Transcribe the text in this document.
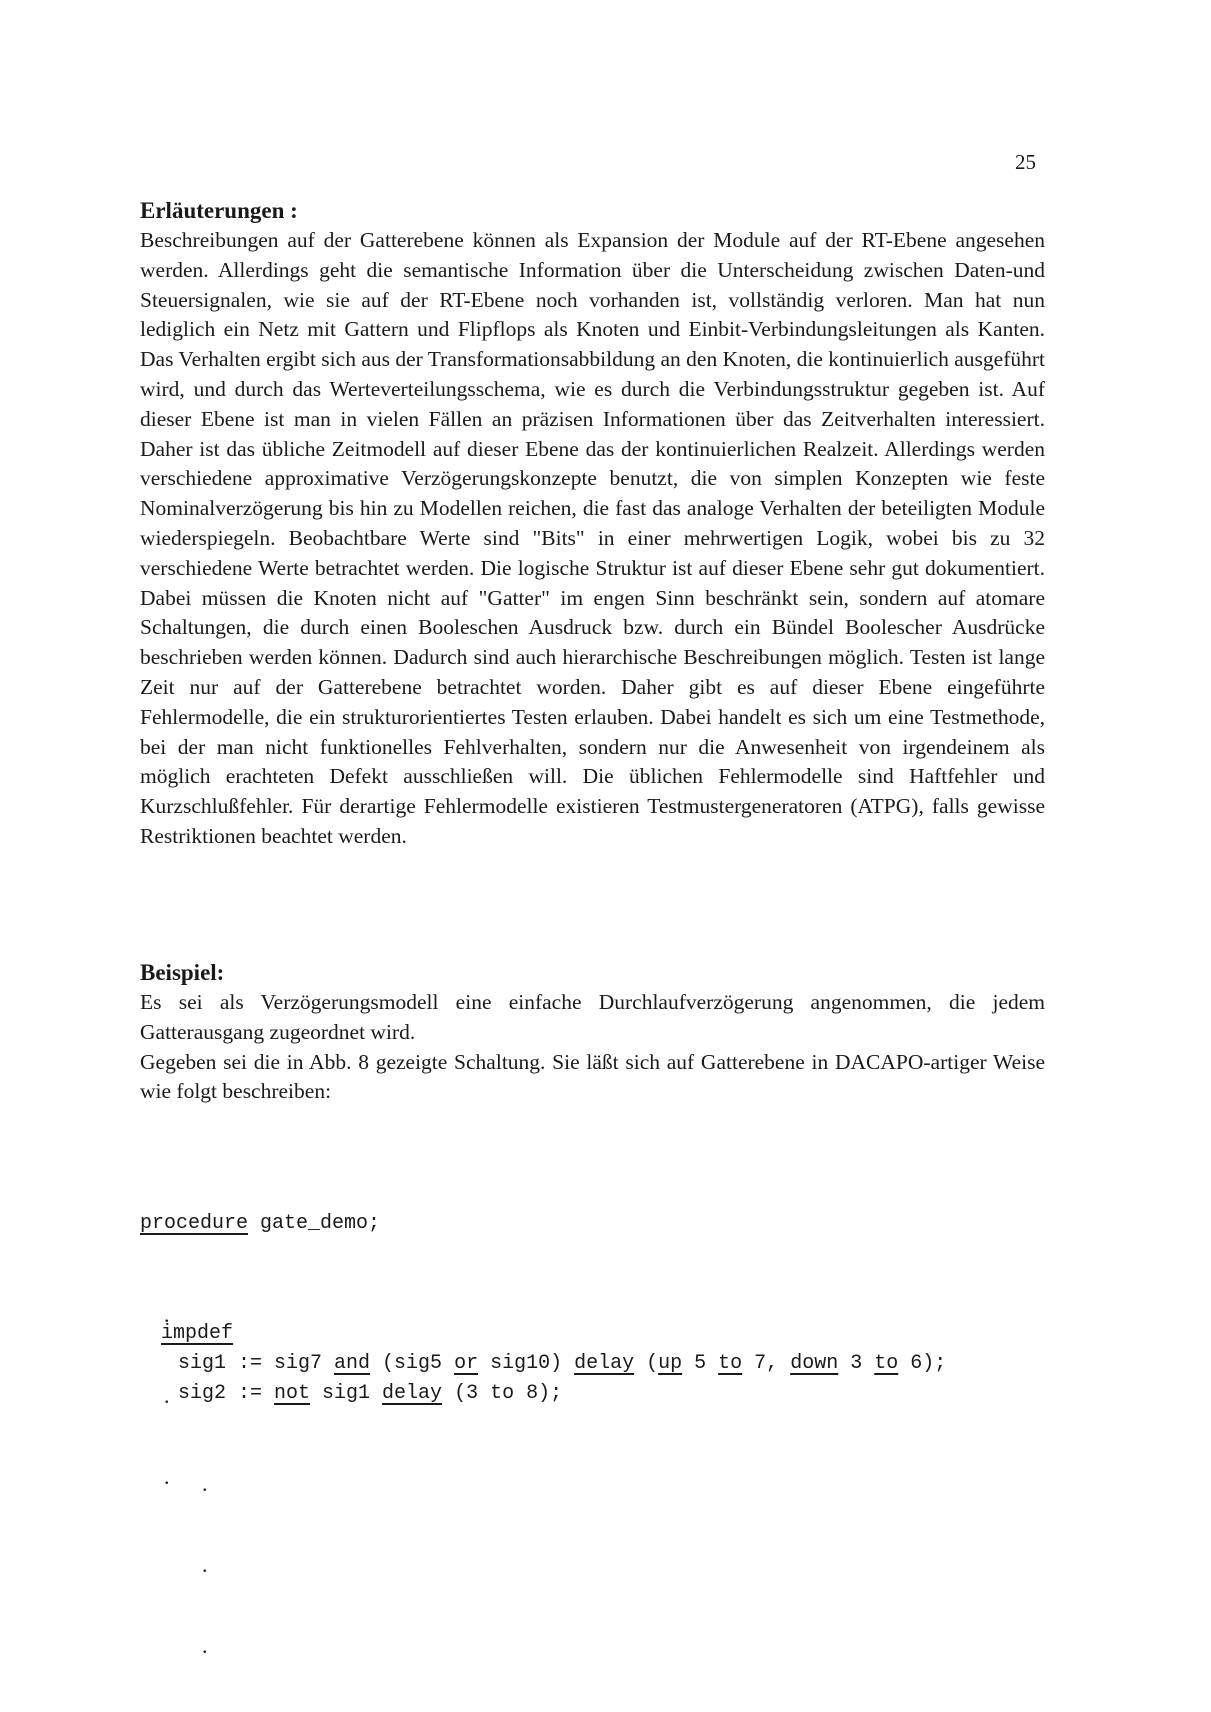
25
Erläuterungen :

Beschreibungen auf der Gatterebene können als Expansion der Module auf der RT-Ebene angesehen werden. Allerdings geht die semantische Information über die Unterscheidung zwischen Daten-und Steuersignalen, wie sie auf der RT-Ebene noch vorhanden ist, vollständig verloren. Man hat nun lediglich ein Netz mit Gattern und Flipflops als Knoten und Einbit-Verbindungsleitungen als Kanten. Das Verhalten ergibt sich aus der Transformationsabbildung an den Knoten, die kontinuierlich ausgeführt wird, und durch das Werteverteilungsschema, wie es durch die Verbindungsstruktur gegeben ist. Auf dieser Ebene ist man in vielen Fällen an präzisen Informationen über das Zeitverhalten interessiert. Daher ist das übliche Zeitmodell auf dieser Ebene das der kontinuierlichen Realzeit. Allerdings werden verschiedene approximative Verzögerungskonzepte benutzt, die von simplen Konzepten wie feste Nominalverzögerung bis hin zu Modellen reichen, die fast das analoge Verhalten der beteiligten Module wiederspiegeln. Beobachtbare Werte sind "Bits" in einer mehrwertigen Logik, wobei bis zu 32 verschiedene Werte betrachtet werden. Die logische Struktur ist auf dieser Ebene sehr gut dokumentiert. Dabei müssen die Knoten nicht auf "Gatter" im engen Sinn beschränkt sein, sondern auf atomare Schaltungen, die durch einen Booleschen Ausdruck bzw. durch ein Bündel Boolescher Ausdrücke beschrieben werden können. Dadurch sind auch hierarchische Beschreibungen möglich. Testen ist lange Zeit nur auf der Gatterebene betrachtet worden. Daher gibt es auf dieser Ebene eingeführte Fehlermodelle, die ein strukturorientiertes Testen erlauben. Dabei handelt es sich um eine Testmethode, bei der man nicht funktionelles Fehlverhalten, sondern nur die Anwesenheit von irgendeinem als möglich erachteten Defekt ausschließen will. Die üblichen Fehlermodelle sind Haftfehler und Kurzschlußfehler. Für derartige Fehlermodelle existieren Testmustergeneratoren (ATPG), falls gewisse Restriktionen beachtet werden.

Beispiel:

Es sei als Verzögerungsmodell eine einfache Durchlaufverzögerung angenommen, die jedem Gatterausgang zugeordnet wird.

Gegeben sei die in Abb. 8 gezeigte Schaltung. Sie läßt sich auf Gatterebene in DACAPO-artiger Weise wie folgt beschreiben:

procedure gate_demo;

.

.

.

impdef

sig1 := sig7 and (sig5 or sig10) delay (up 5 to 7, down 3 to 6);

sig2 := not sig1 delay (3 to 8);

.

.

.
